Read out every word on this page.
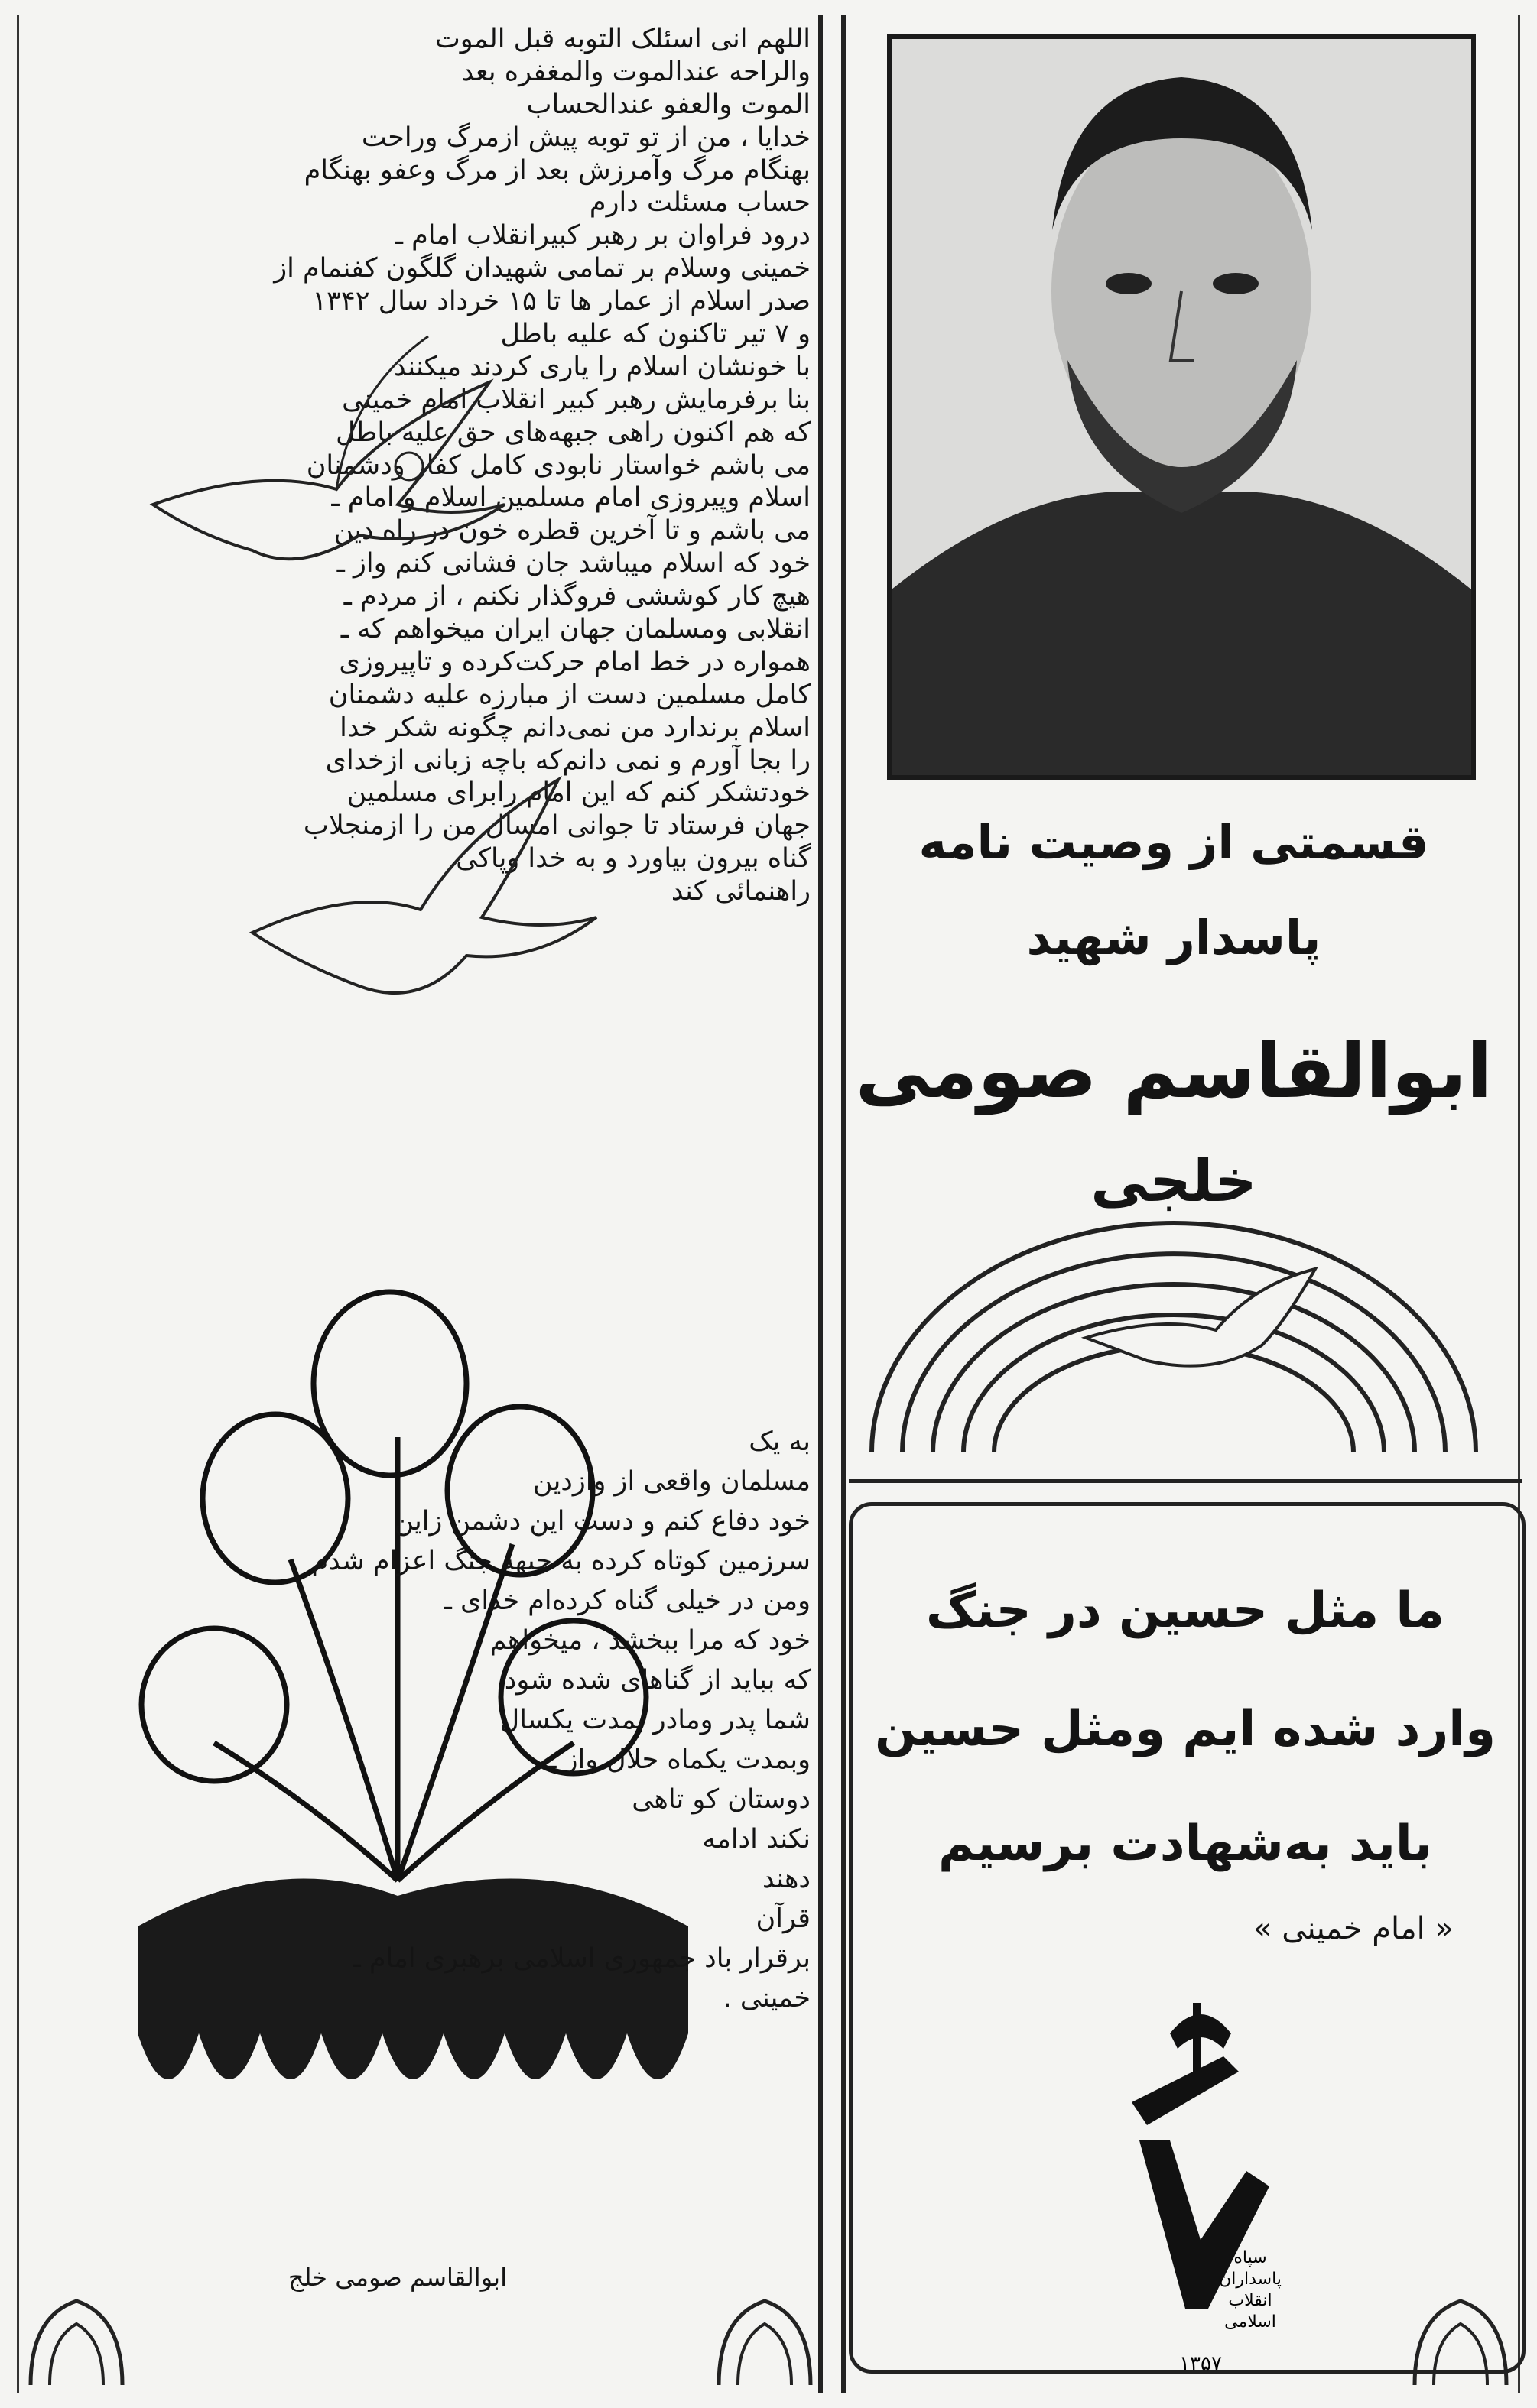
اللهم انی اسئلک التوبه قبل الموت
والراحه عندالموت والمغفره بعد
الموت والعفو عندالحساب
خدایا ، من از تو توبه پیش ازمرگ وراحت
بهنگام مرگ وآمرزش بعد از مرگ وعفو بهنگام
حساب مسئلت دارم
درود فراوان بر رهبر کبیرانقلاب امام ـ
خمینی وسلام بر تمامی شهیدان گلگون کفنمام از
صدر اسلام از عمار ها تا ۱۵ خرداد سال ۱۳۴۲
و ۷ تیر تاکنون که علیه باطل
با خونشان اسلام را یاری کردند میکنند
بنا برفرمایش رهبر کبیر انقلاب امام خمینی
که هم اکنون راهی جبهه‌های حق علیه باطل
می باشم خواستار نابودی کامل کفار ودشمنان
اسلام وپیروزی امام مسلمین اسلام و امام ـ
می باشم و تا آخرین قطره خون در راه دین
خود که اسلام میباشد جان فشانی کنم واز ـ
هیچ کار کوششی فروگذار نکنم ، از مردم ـ
انقلابی ومسلمان جهان ایران میخواهم که ـ
همواره در خط امام حرکت‌کرده و تاپیروزی
کامل مسلمین دست از مبارزه علیه دشمنان
اسلام برندارد من نمی‌دانم چگونه شکر خدا
را بجا آورم و نمی دانم‌که باچه زبانی ازخدای
خودتشکر کنم که این امام رابرای مسلمین
جهان فرستاد تا جوانی امسال من را ازمنجلاب
گناه بیرون بیاورد و به خدا وپاکی
راهنمائی کند
به یک
مسلمان واقعی از وازدین
خود دفاع کنم و دست این دشمن زاین
سرزمین کوتاه کرده به جبهه جنگ اعزام شدم
ومن در خیلی گناه کرده‌ام خدای ـ
خود که مرا ببخشد ، میخواهم
که بباید از گناهای شده شود
شما پدر ومادر بمدت یکسال
وبمدت یکماه حلال واز ـ
دوستان کو تاهی
نکند ادامه
دهند
قرآن
برقرار باد جمهوری اسلامی برهبری امام ـ
خمینی .
ابوالقاسم صومی خلج
قسمتی از وصیت نامه
پاسدار شهید
ابوالقاسم صومی
خلجی
ما مثل حسین در جنگ
وارد شده ایم ومثل حسین
باید به‌شهادت برسیم
« امام خمینی »
سپاه
پاسداران
انقلاب
اسلامی
۱۳۵۷
